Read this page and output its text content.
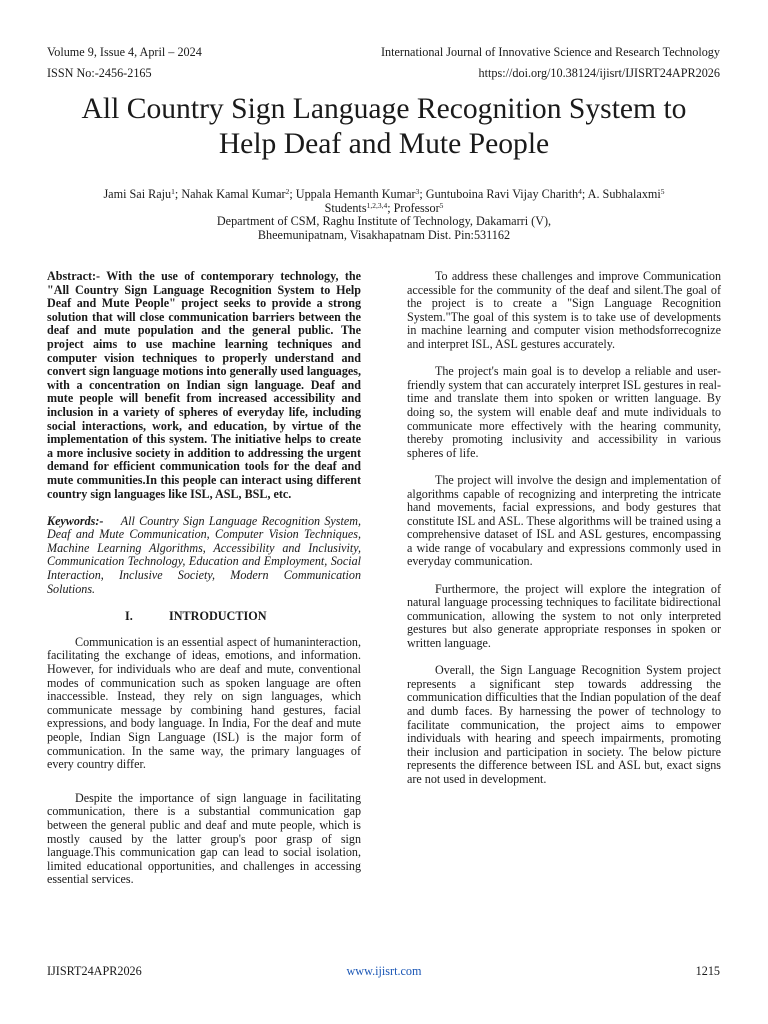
Volume 9, Issue 4, April – 2024	International Journal of Innovative Science and Research Technology
ISSN No:-2456-2165	https://doi.org/10.38124/ijisrt/IJISRT24APR2026
All Country Sign Language Recognition System to
Help Deaf and Mute People
Jami Sai Raju$^1$; Nahak Kamal Kumar$^2$; Uppala Hemanth Kumar$^3$; Guntuboina Ravi Vijay Charith$^4$; A. Subhalaxmi$^5$
Students$^{1,2,3,4}$; Professor$^5$
Department of CSM, Raghu Institute of Technology, Dakamarri (V),
Bheemunipatnam, Visakhapatnam Dist. Pin:531162

Abstract:- With the use of contemporary technology, the "All Country Sign Language Recognition System to Help Deaf and Mute People" project seeks to provide a strong solution that will close communication barriers between the deaf and mute population and the general public. The project aims to use machine learning techniques and computer vision techniques to properly understand and convert sign language motions into generally used languages, with a concentration on Indian sign language. Deaf and mute people will benefit from increased accessibility and inclusion in a variety of spheres of everyday life, including social interactions, work, and education, by virtue of the implementation of this system. The initiative helps to create a more inclusive society in addition to addressing the urgent demand for efficient communication tools for the deaf and mute communities.In this people can interact using different country sign languages like ISL, ASL, BSL, etc.

Keywords:- All Country Sign Language Recognition System, Deaf and Mute Communication, Computer Vision Techniques, Machine Learning Algorithms, Accessibility and Inclusivity, Communication Technology, Education and Employment, Social Interaction, Inclusive Society, Modern Communication Solutions.

I.	INTRODUCTION

Communication is an essential aspect of humaninteraction, facilitating the exchange of ideas, emotions, and information. However, for individuals who are deaf and mute, conventional modes of communication such as spoken language are often inaccessible. Instead, they rely on sign languages, which communicate message by combining hand gestures, facial expressions, and body language. In India, For the deaf and mute people, Indian Sign Language (ISL) is the major form of communication. In the same way, the primary languages of every country differ.

Despite the importance of sign language in facilitating communication, there is a substantial communication gap between the general public and deaf and mute people, which is mostly caused by the latter group's poor grasp of sign language.This communication gap can lead to social isolation, limited educational opportunities, and challenges in accessing essential services.

To address these challenges and improve Communication accessible for the community of the deaf and silent.The goal of the project is to create a "Sign Language Recognition System."The goal of this system is to take use of developments in machine learning and computer vision methodsforrecognize and interpret ISL, ASL gestures accurately.

The project's main goal is to develop a reliable and user-friendly system that can accurately interpret ISL gestures in real-time and translate them into spoken or written language. By doing so, the system will enable deaf and mute individuals to communicate more effectively with the hearing community, thereby promoting inclusivity and accessibility in various spheres of life.

The project will involve the design and implementation of algorithms capable of recognizing and interpreting the intricate hand movements, facial expressions, and body gestures that constitute ISL and ASL. These algorithms will be trained using a comprehensive dataset of ISL and ASL gestures, encompassing a wide range of vocabulary and expressions commonly used in everyday communication.

Furthermore, the project will explore the integration of natural language processing techniques to facilitate bidirectional communication, allowing the system to not only interpreted gestures but also generate appropriate responses in spoken or written language.

Overall, the Sign Language Recognition System project represents a significant step towards addressing the communication difficulties that the Indian population of the deaf and dumb faces. By harnessing the power of technology to facilitate communication, the project aims to empower individuals with hearing and speech impairments, promoting their inclusion and participation in society. The below picture represents the difference between ISL and ASL but, exact signs are not used in development.

IJISRT24APR2026	www.ijisrt.com	1215
